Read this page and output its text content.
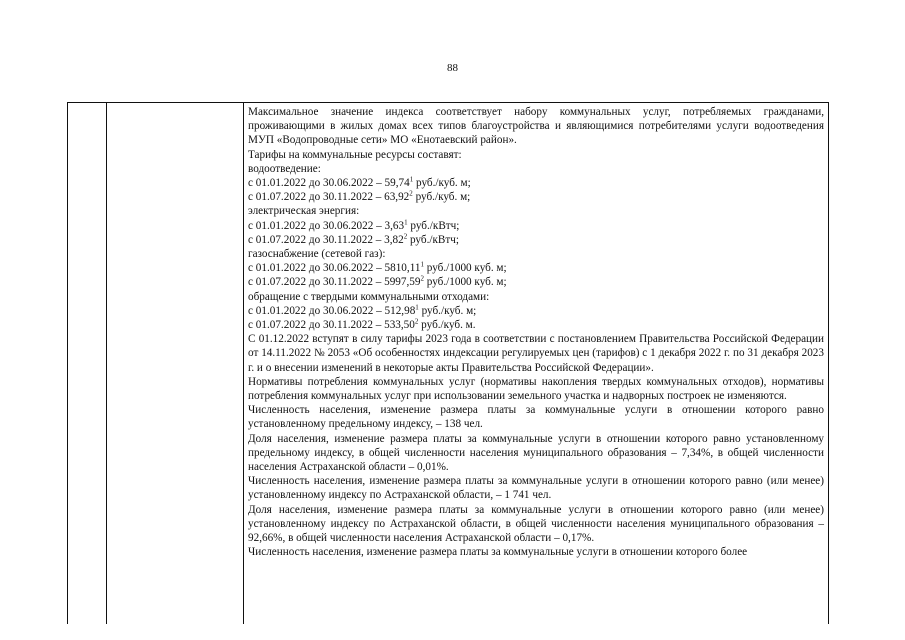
88

Максимальное значение индекса соответствует набору коммунальных услуг, потребляемых гражданами, проживающими в жилых домах всех типов благоустройства и являющимися потребителями услуги водоотведения МУП «Водопроводные сети» МО «Енотаевский район».

Тарифы на коммунальные ресурсы составят:

водоотведение:

с 01.01.2022 до 30.06.2022 – 59,74$^1$ руб./куб. м;

с 01.07.2022 до 30.11.2022 – 63,92$^2$ руб./куб. м;

электрическая энергия:

с 01.01.2022 до 30.06.2022 – 3,63$^1$ руб./кВтч;

с 01.07.2022 до 30.11.2022 – 3,82$^2$ руб./кВтч;

газоснабжение (сетевой газ):

с 01.01.2022 до 30.06.2022 – 5810,11$^1$ руб./1000 куб. м;

с 01.07.2022 до 30.11.2022 – 5997,59$^2$ руб./1000 куб. м;

обращение с твердыми коммунальными отходами:

с 01.01.2022 до 30.06.2022 – 512,98$^1$ руб./куб. м;

с 01.07.2022 до 30.11.2022 – 533,50$^2$ руб./куб. м.

С 01.12.2022 вступят в силу тарифы 2023 года в соответствии с постановлением Правительства Российской Федерации от 14.11.2022 № 2053 «Об особенностях индексации регулируемых цен (тарифов) с 1 декабря 2022 г. по 31 декабря 2023 г. и о внесении изменений в некоторые акты Правительства Российской Федерации».

Нормативы потребления коммунальных услуг (нормативы накопления твердых коммунальных отходов), нормативы потребления коммунальных услуг при использовании земельного участка и надворных построек не изменяются.

Численность населения, изменение размера платы за коммунальные услуги в отношении которого равно установленному предельному индексу, – 138 чел.

Доля населения, изменение размера платы за коммунальные услуги в отношении которого равно установленному предельному индексу, в общей численности населения муниципального образования – 7,34%, в общей численности населения Астраханской области – 0,01%.

Численность населения, изменение размера платы за коммунальные услуги в отношении которого равно (или менее) установленному индексу по Астраханской области, – 1 741 чел.

Доля населения, изменение размера платы за коммунальные услуги в отношении которого равно (или менее) установленному индексу по Астраханской области, в общей численности населения муниципального образования – 92,66%, в общей численности населения Астраханской области – 0,17%.

Численность населения, изменение размера платы за коммунальные услуги в отношении которого более
